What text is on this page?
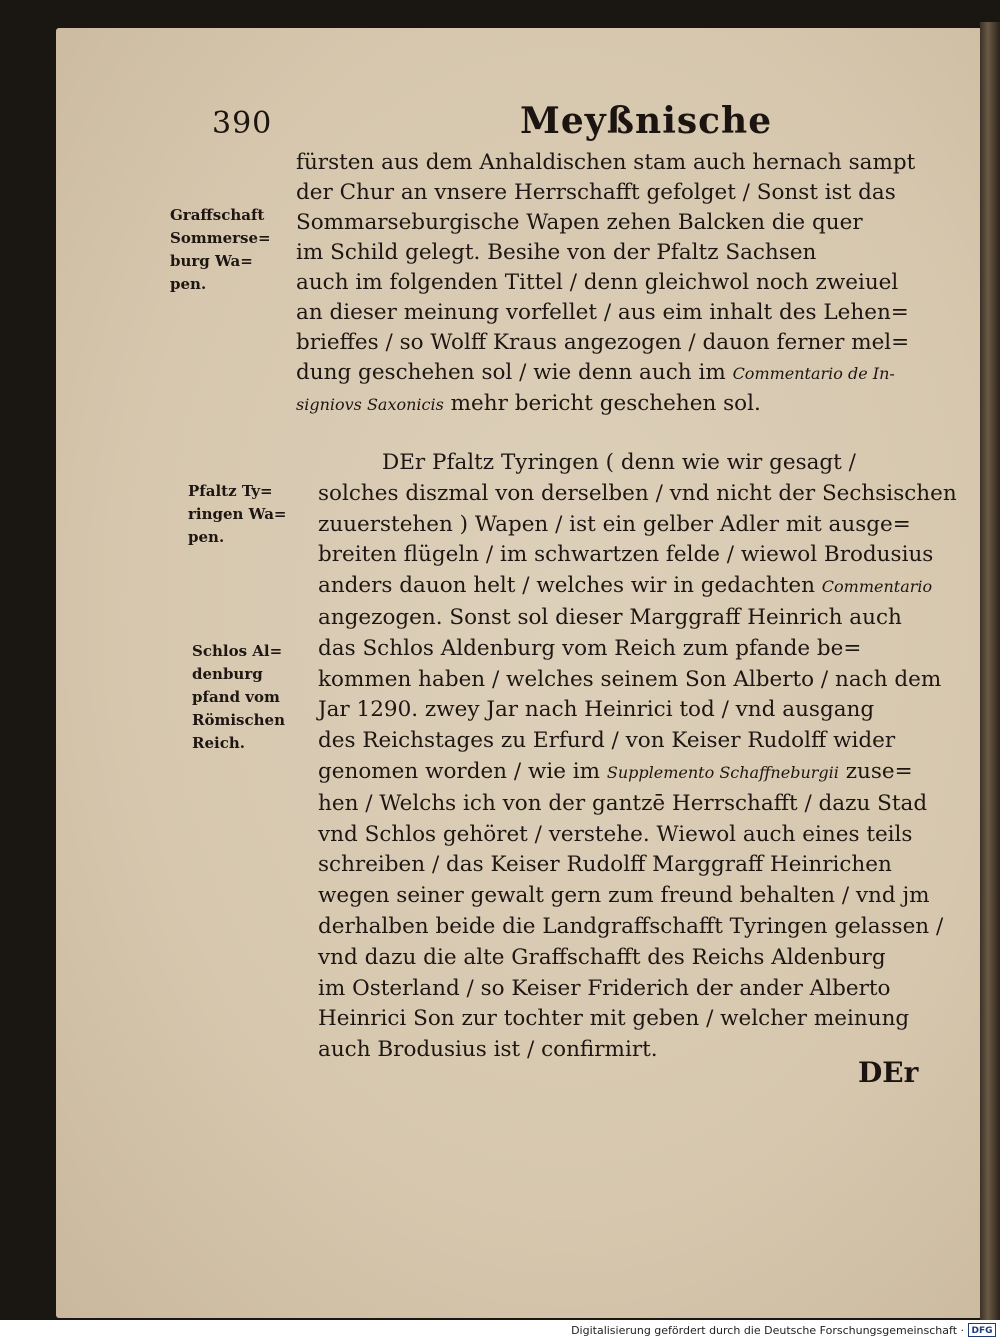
390	Meyßnische
fürsten aus dem Anhaldischen stam auch hernach sampt
der Chur an vnsere Herrschafft gefolget / Sonst ist das
Sommarseburgische Wapen zehen Balcken die quer
im Schild gelegt. Besihe von der Pfaltz Sachsen
auch im folgenden Tittel / denn gleichwol noch zweiuel
an dieser meinung vorfellet / aus eim inhalt des Lehen=
brieffes / so Wolff Kraus angezogen / dauon ferner mel=
dung geschehen sol / wie denn auch im Commentario de In-
signiovs Saxonicis mehr bericht geschehen sol.
DEr Pfaltz Tyringen ( denn wie wir gesagt /
solches diszmal von derselben / vnd nicht der Sechsischen
zuuerstehen ) Wapen / ist ein gelber Adler mit ausge=
breiten flügeln / im schwartzen felde / wiewol Brodusius
anders dauon helt / welches wir in gedachten Commentario
angezogen. Sonst sol dieser Marggraff Heinrich auch
das Schlos Aldenburg vom Reich zum pfande be=
kommen haben / welches seinem Son Alberto / nach dem
Jar 1290. zwey Jar nach Heinrici tod / vnd ausgang
des Reichstages zu Erfurd / von Keiser Rudolff wider
genomen worden / wie im Supplemento Schaffneburgii zuse=
hen / Welchs ich von der gantzē Herrschafft / dazu Stad
vnd Schlos gehöret / verstehe. Wiewol auch eines teils
schreiben / das Keiser Rudolff Marggraff Heinrichen
wegen seiner gewalt gern zum freund behalten / vnd jm
derhalben beide die Landgraffschafft Tyringen gelassen /
vnd dazu die alte Graffschafft des Reichs Aldenburg
im Osterland / so Keiser Friderich der ander Alberto
Heinrici Son zur tochter mit geben / welcher meinung
auch Brodusius ist / confirmirt.
Graffschaft
Sommerse=
burg Wa=
pen.
Pfaltz Ty=
ringen Wa=
pen.
Schlos Al=
denburg
pfand vom
Römischen
Reich.
DEr
Digitalisierung gefördert durch die Deutsche Forschungsgemeinschaft · DFG
